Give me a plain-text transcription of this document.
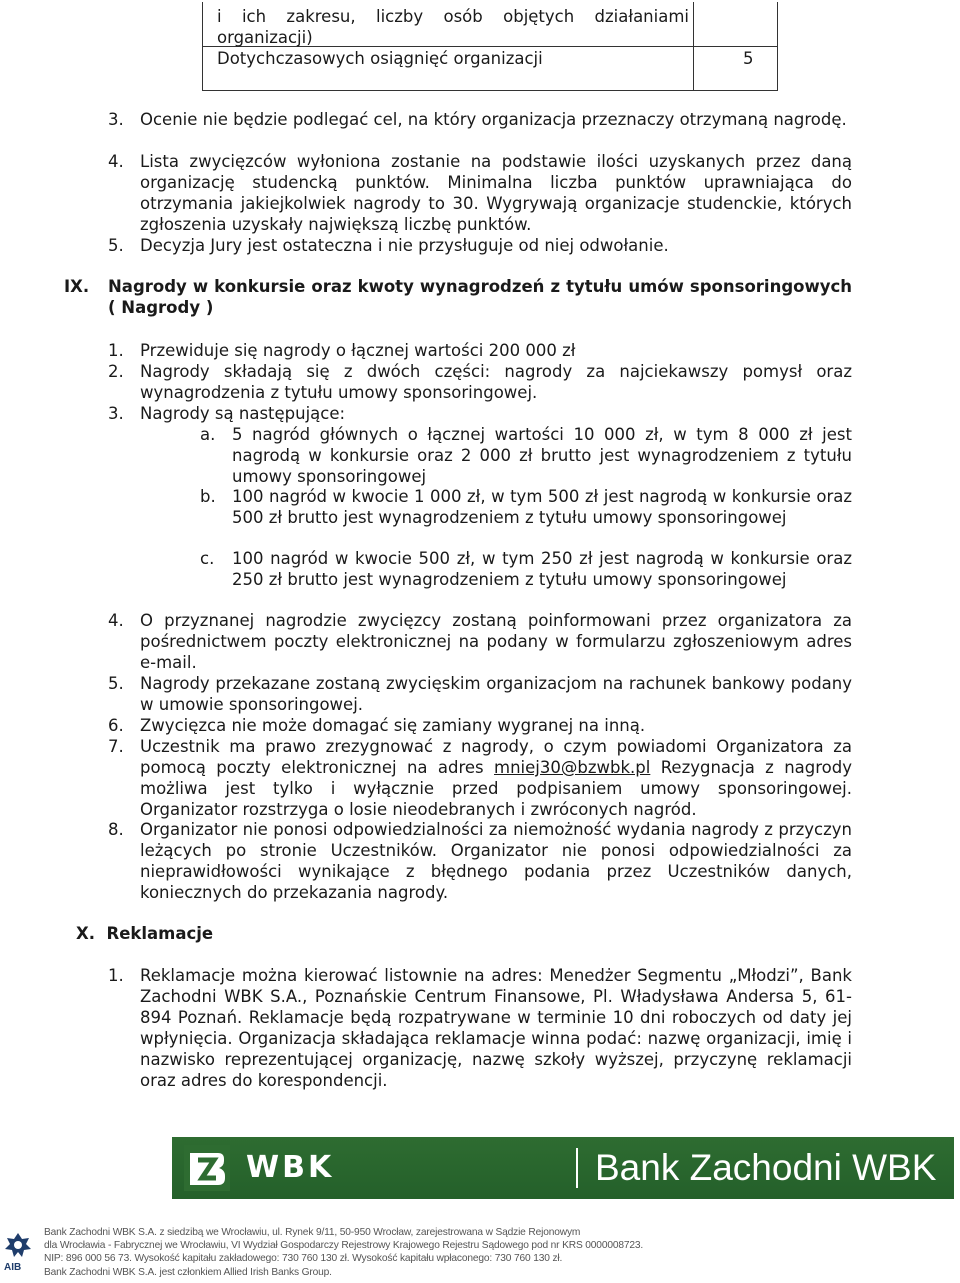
i ich zakresu, liczby osób objętych działaniami
organizacji)
Dotychczasowych osiągnięć organizacji	5
3. Ocenie nie będzie podlegać cel, na który organizacja przeznaczy otrzymaną nagrodę.
4. Lista zwycięzców wyłoniona zostanie na podstawie ilości uzyskanych przez daną organizację studencką punktów. Minimalna liczba punktów uprawniająca do otrzymania jakiejkolwiek nagrody to 30. Wygrywają organizacje studenckie, których zgłoszenia uzyskały największą liczbę punktów.
5. Decyzja Jury jest ostateczna i nie przysługuje od niej odwołanie.
IX. Nagrody w konkursie oraz kwoty wynagrodzeń z tytułu umów sponsoringowych ( Nagrody )
1. Przewiduje się nagrody o łącznej wartości 200 000 zł
2. Nagrody składają się z dwóch części: nagrody za najciekawszy pomysł oraz wynagrodzenia z tytułu umowy sponsoringowej.
3. Nagrody są następujące:
a. 5 nagród głównych o łącznej wartości 10 000 zł, w tym 8 000 zł jest nagrodą w konkursie oraz 2 000 zł brutto jest wynagrodzeniem z tytułu umowy sponsoringowej
b. 100 nagród w kwocie 1 000 zł, w tym 500 zł jest nagrodą w konkursie oraz 500 zł brutto jest wynagrodzeniem z tytułu umowy sponsoringowej
c. 100 nagród w kwocie 500 zł, w tym 250 zł jest nagrodą w konkursie oraz 250 zł brutto jest wynagrodzeniem z tytułu umowy sponsoringowej
4. O przyznanej nagrodzie zwycięzcy zostaną poinformowani przez organizatora za pośrednictwem poczty elektronicznej na podany w formularzu zgłoszeniowym adres e-mail.
5. Nagrody przekazane zostaną zwycięskim organizacjom na rachunek bankowy podany w umowie sponsoringowej.
6. Zwycięzca nie może domagać się zamiany wygranej na inną.
7. Uczestnik ma prawo zrezygnować z nagrody, o czym powiadomi Organizatora za pomocą poczty elektronicznej na adres mniej30@bzwbk.pl Rezygnacja z nagrody możliwa jest tylko i wyłącznie przed podpisaniem umowy sponsoringowej. Organizator rozstrzyga o losie nieodebranych i zwróconych nagród.
8. Organizator nie ponosi odpowiedzialności za niemożność wydania nagrody z przyczyn leżących po stronie Uczestników. Organizator nie ponosi odpowiedzialności za nieprawidłowości wynikające z błędnego podania przez Uczestników danych, koniecznych do przekazania nagrody.
X. Reklamacje
1. Reklamacje można kierować listownie na adres: Menedżer Segmentu „Młodzi”, Bank Zachodni WBK S.A., Poznańskie Centrum Finansowe, Pl. Władysława Andersa 5, 61-894 Poznań. Reklamacje będą rozpatrywane w terminie 10 dni roboczych od daty jej wpłynięcia. Organizacja składająca reklamacje winna podać: nazwę organizacji, imię i nazwisko reprezentującej organizację, nazwę szkoły wyższej, przyczynę reklamacji oraz adres do korespondencji.
WBK	Bank Zachodni WBK
AIB
Bank Zachodni WBK S.A. z siedzibą we Wrocławiu, ul. Rynek 9/11, 50-950 Wrocław, zarejestrowana w Sądzie Rejonowym
dla Wrocławia - Fabrycznej we Wrocławiu, VI Wydział Gospodarczy Rejestrowy Krajowego Rejestru Sądowego pod nr KRS 0000008723.
NIP: 896 000 56 73. Wysokość kapitału zakładowego: 730 760 130 zł. Wysokość kapitału wpłaconego: 730 760 130 zł.
Bank Zachodni WBK S.A. jest członkiem Allied Irish Banks Group.
